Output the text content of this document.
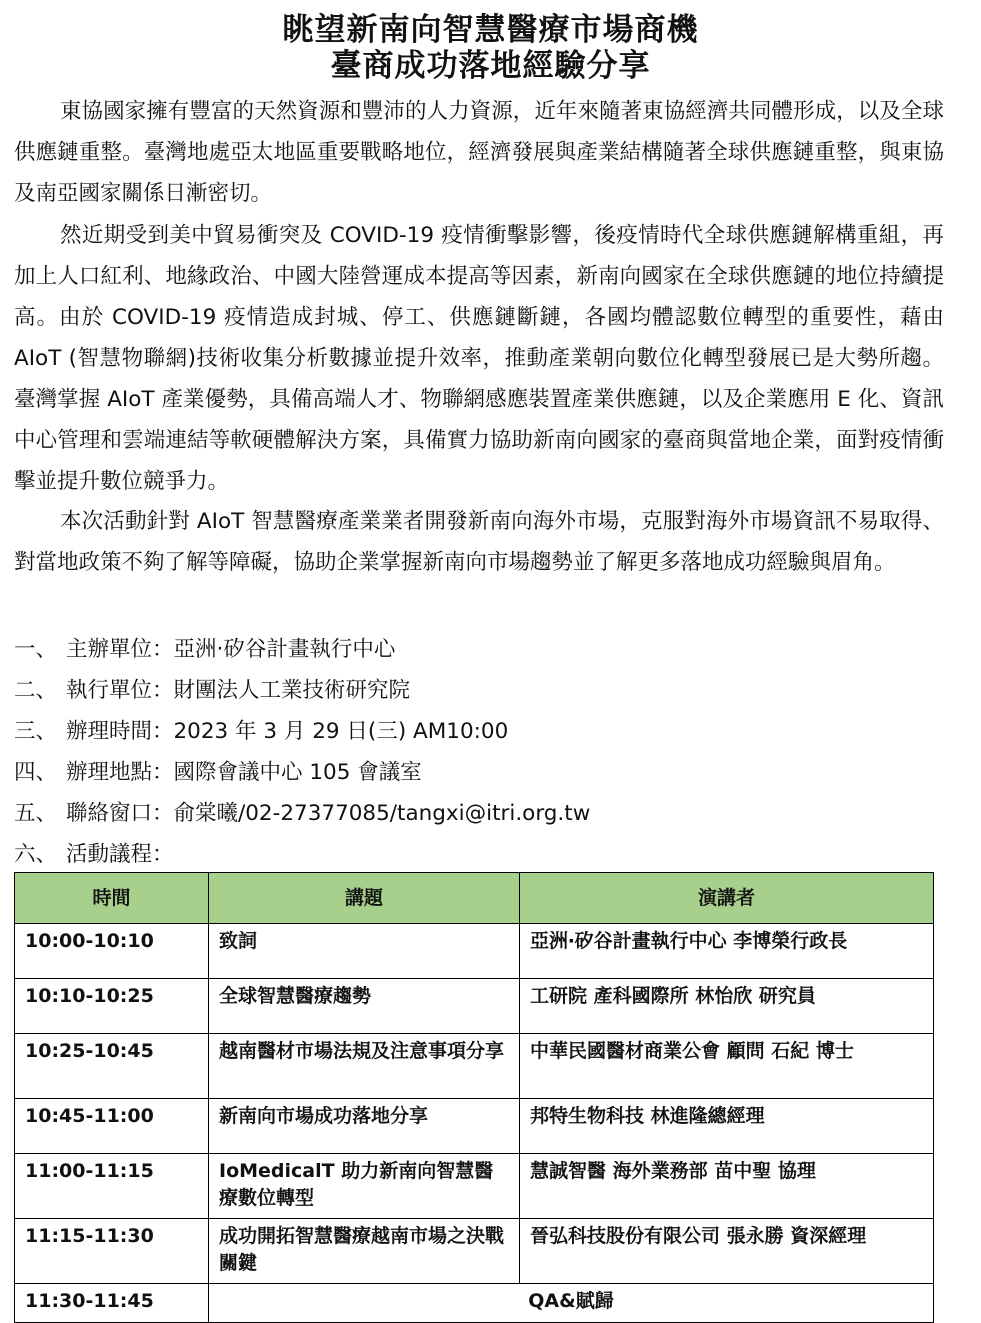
眺望新南向智慧醫療市場商機
臺商成功落地經驗分享

東協國家擁有豐富的天然資源和豐沛的人力資源，近年來隨著東協經濟共同體形成，以及全球供應鏈重整。臺灣地處亞太地區重要戰略地位，經濟發展與產業結構隨著全球供應鏈重整，與東協及南亞國家關係日漸密切。

然近期受到美中貿易衝突及 COVID-19 疫情衝擊影響，後疫情時代全球供應鏈解構重組，再加上人口紅利、地緣政治、中國大陸營運成本提高等因素，新南向國家在全球供應鏈的地位持續提高。由於 COVID-19 疫情造成封城、停工、供應鏈斷鏈，各國均體認數位轉型的重要性，藉由 AIoT (智慧物聯網)技術收集分析數據並提升效率，推動產業朝向數位化轉型發展已是大勢所趨。臺灣掌握 AIoT 產業優勢，具備高端人才、物聯網感應裝置產業供應鏈，以及企業應用 E 化、資訊中心管理和雲端連結等軟硬體解決方案，具備實力協助新南向國家的臺商與當地企業，面對疫情衝擊並提升數位競爭力。

本次活動針對 AIoT 智慧醫療產業業者開發新南向海外市場，克服對海外市場資訊不易取得、對當地政策不夠了解等障礙，協助企業掌握新南向市場趨勢並了解更多落地成功經驗與眉角。

一、 主辦單位：亞洲‧矽谷計畫執行中心
二、 執行單位：財團法人工業技術研究院
三、 辦理時間：2023 年 3 月 29 日(三) AM10:00
四、 辦理地點：國際會議中心 105 會議室
五、 聯絡窗口：俞棠曦/02-27377085/tangxi@itri.org.tw
六、 活動議程：
時間	講題	演講者
10:00-10:10	致詞	亞洲‧矽谷計畫執行中心 李博榮行政長
10:10-10:25	全球智慧醫療趨勢	工研院 產科國際所 林怡欣 研究員
10:25-10:45	越南醫材市場法規及注意事項分享	中華民國醫材商業公會 顧問 石紀 博士
10:45-11:00	新南向市場成功落地分享	邦特生物科技 林進隆總經理
11:00-11:15	IoMedicalT 助力新南向智慧醫療數位轉型	慧誠智醫 海外業務部 苗中聖 協理
11:15-11:30	成功開拓智慧醫療越南市場之決戰關鍵	晉弘科技股份有限公司 張永勝 資深經理
11:30-11:45	QA&賦歸	
